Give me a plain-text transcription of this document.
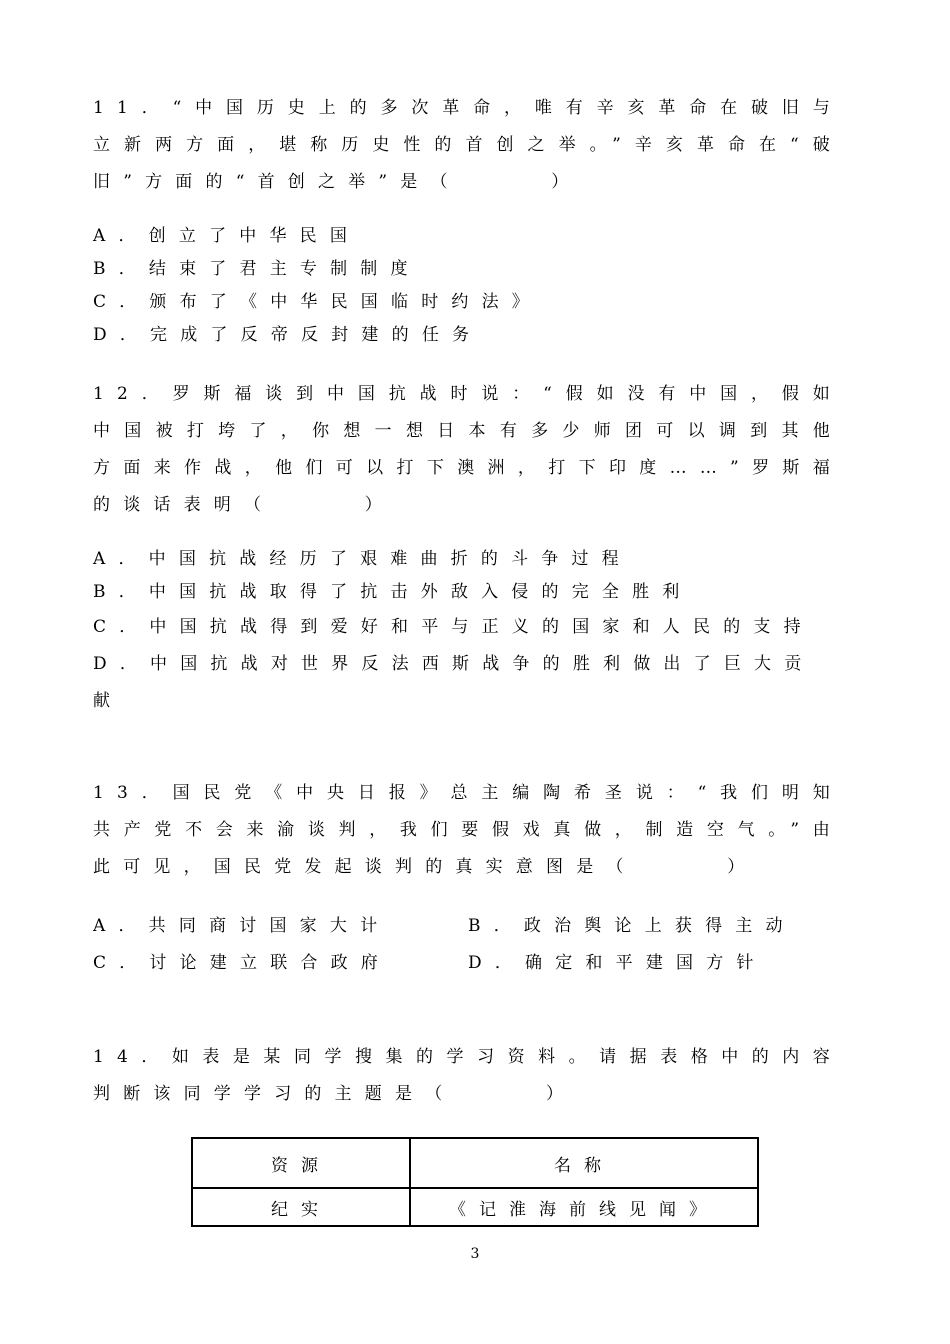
11．“中国历史上的多次革命，唯有辛亥革命在破旧与立新两方面，堪称历史性的首创之举。”辛亥革命在“破旧”方面的“首创之举”是（　　　）

A．创立了中华民国

B．结束了君主专制制度

C．颁布了《中华民国临时约法》

D．完成了反帝反封建的任务

12．罗斯福谈到中国抗战时说：“假如没有中国，假如中国被打垮了，你想一想日本有多少师团可以调到其他方面来作战，他们可以打下澳洲，打下印度……”罗斯福的谈话表明（　　　）

A．中国抗战经历了艰难曲折的斗争过程

B．中国抗战取得了抗击外敌入侵的完全胜利

C．中国抗战得到爱好和平与正义的国家和人民的支持

D．中国抗战对世界反法西斯战争的胜利做出了巨大贡献

13．国民党《中央日报》总主编陶希圣说：“我们明知共产党不会来渝谈判，我们要假戏真做，制造空气。”由此可见，国民党发起谈判的真实意图是（　　　）

A．共同商讨国家大计	B．政治舆论上获得主动
C．讨论建立联合政府	D．确定和平建国方针

14．如表是某同学搜集的学习资料。请据表格中的内容判断该同学学习的主题是（　　　）

资源	名称
纪实	《记淮海前线见闻》
3
